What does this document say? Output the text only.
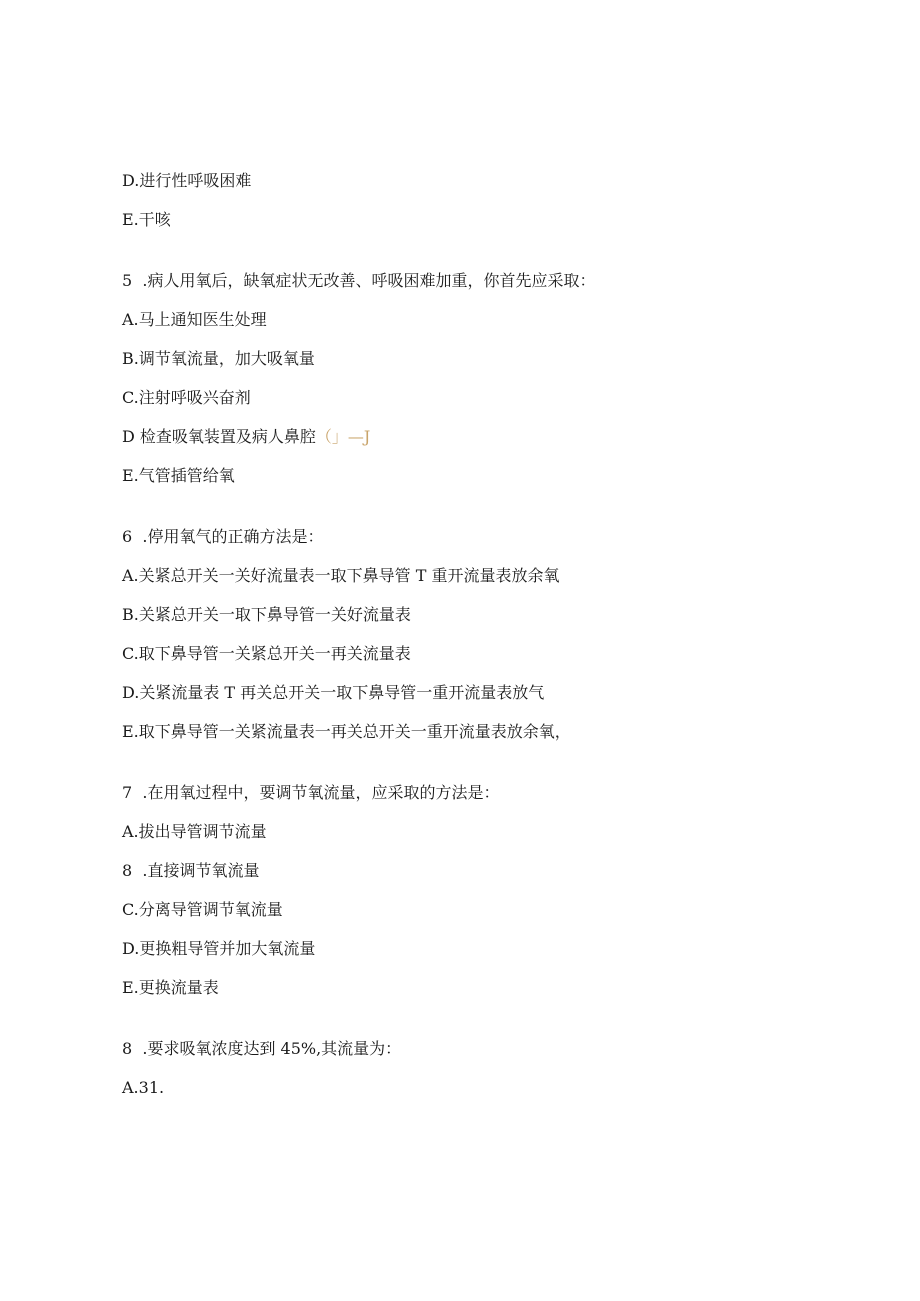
D.进行性呼吸困难
E.干咳
5  .病人用氧后，缺氧症状无改善、呼吸困难加重，你首先应采取：
A.马上通知医生处理
B.调节氧流量，加大吸氧量
C.注射呼吸兴奋剂
D 检查吸氧装置及病人鼻腔（」—J
E.气管插管给氧
6  .停用氧气的正确方法是：
A.关紧总开关一关好流量表一取下鼻导管 T 重开流量表放余氧
B.关紧总开关一取下鼻导管一关好流量表
C.取下鼻导管一关紧总开关一再关流量表
D.关紧流量表 T 再关总开关一取下鼻导管一重开流量表放气
E.取下鼻导管一关紧流量表一再关总开关一重开流量表放余氧，
7  .在用氧过程中，要调节氧流量，应采取的方法是：
A.拔出导管调节流量
8  .直接调节氧流量
C.分离导管调节氧流量
D.更换粗导管并加大氧流量
E.更换流量表
8  .要求吸氧浓度达到 45%,其流量为：
A.31.
